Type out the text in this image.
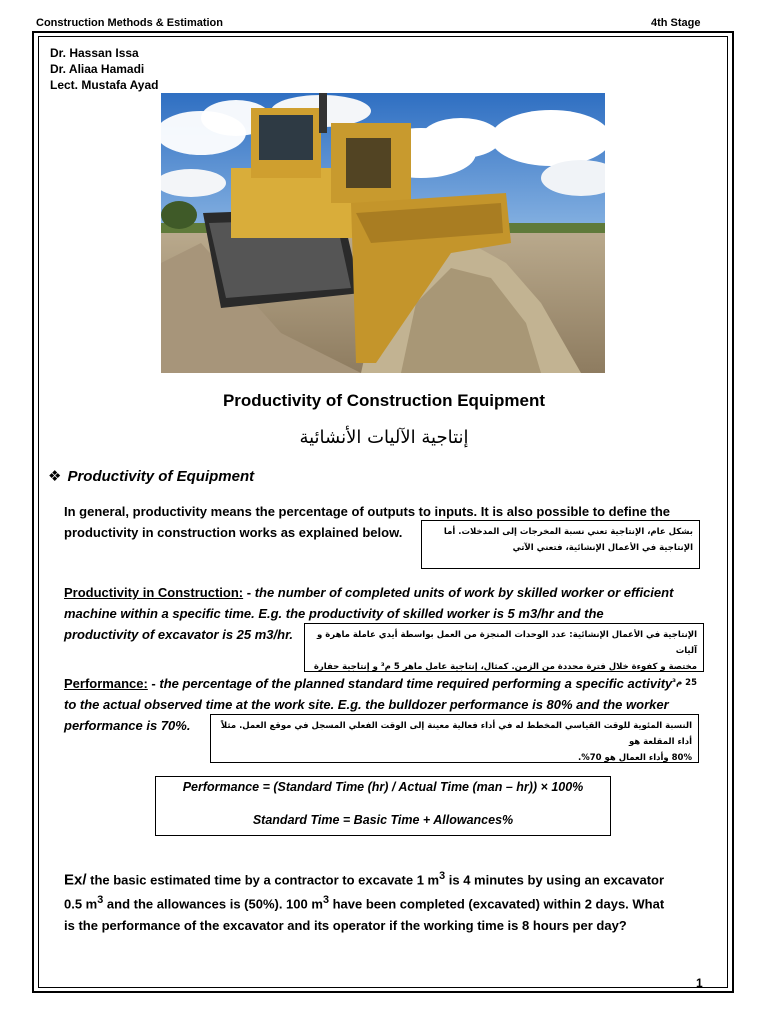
Construction Methods & Estimation	4th Stage
Dr. Hassan Issa
Dr. Aliaa Hamadi
Lect. Mustafa Ayad
Productivity of Construction Equipment
إنتاجية الآليات الأنشائية
❖ Productivity of Equipment
In general, productivity means the percentage of outputs to inputs. It is also possible to define the
productivity in construction works as explained below.	بشكل عام، الإنتاجية تعني نسبة المخرجات إلى المدخلات. أما
الإنتاجية في الأعمال الإنشائية، فتعني الآتي
Productivity in Construction: - the number of completed units of work by skilled worker or efficient
machine within a specific time. E.g. the productivity of skilled worker is 5 m3/hr and the
productivity of excavator is 25 m3/hr.	الإنتاجية في الأعمال الإنشائية: عدد الوحدات المنجزة من العمل بواسطة أيدي عاملة ماهرة و آليات
مختصة و كفوءة خلال فترة محددة من الزمن. كمثال، إنتاجية عامل ماهر 5 م³ و إنتاجية حفارة 25 م³
Performance: - the percentage of the planned standard time required performing a specific activity
to the actual observed time at the work site. E.g. the bulldozer performance is 80% and the worker
performance is 70%.	النسبة المئوية للوقت القياسي المخطط له في أداء فعالية معينة إلى الوقت الفعلي المسجل في موقع العمل. مثلاً أداء المقلعة هو
80% وأداء العمال هو 70%.
Performance = (Standard Time (hr) / Actual Time (man – hr)) × 100%
Standard Time = Basic Time + Allowances%
Ex/ the basic estimated time by a contractor to excavate 1 $m^3$ is 4 minutes by using an excavator
0.5 $m^3$ and the allowances is (50%). 100 $m^3$ have been completed (excavated) within 2 days. What
is the performance of the excavator and its operator if the working time is 8 hours per day?
1
